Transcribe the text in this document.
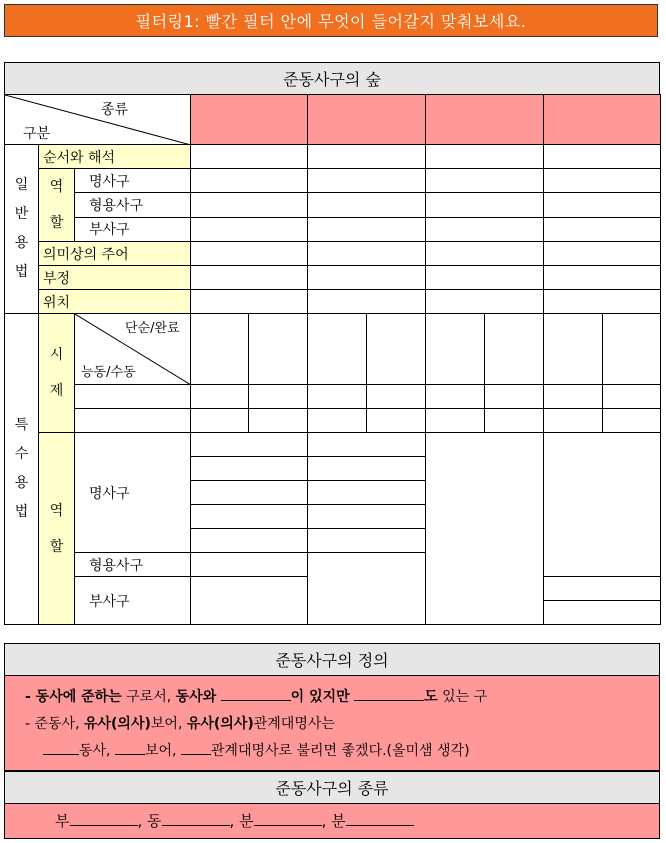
필터링1: 빨간 필터 안에 무엇이 들어갈지 맞춰보세요.
준동사구의 숲
종류
구분										

일반용법	순서와 해석									
	역할	명사구								
		형용사구								
		부사구								
	의미상의 주어									
	부정									
	위치									
특수용법	시제	단순/완료
능동/수동								

	역할	명사구								

		형용사구								
		부사구								

준동사구의 정의
- 동사에 준하는 구로서, 동사와	이 있지만	도 있는 구
- 준동사, 유사(의사)보어, 유사(의사)관계대명사는
동사, 보어, 관계대명사로 불리면 좋겠다.(올미샘 생각)
준동사구의 종류
부	, 동	, 분	, 분
